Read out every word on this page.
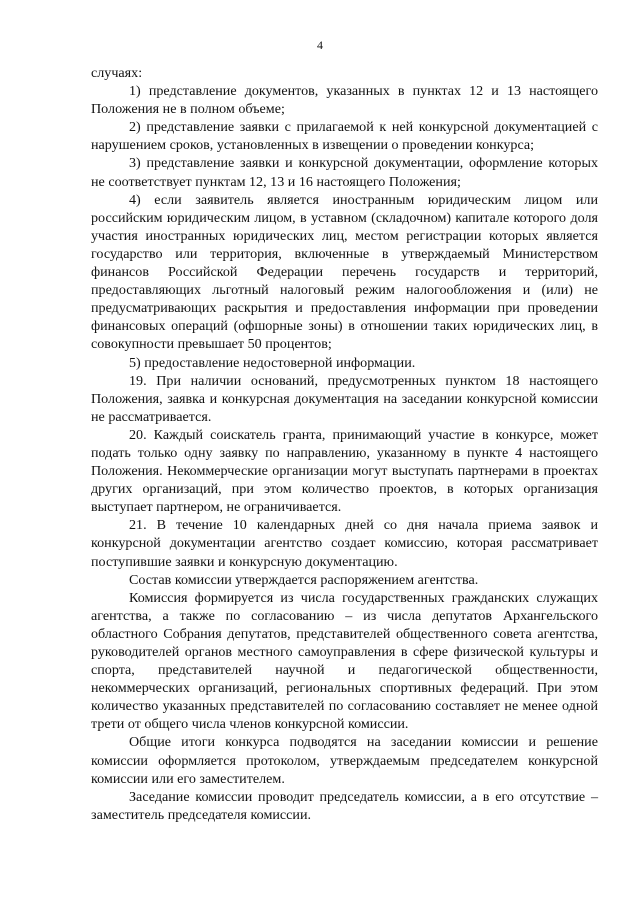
4

случаях:

1) представление документов, указанных в пунктах 12 и 13 настоящего Положения не в полном объеме;

2) представление заявки с прилагаемой к ней конкурсной документацией с нарушением сроков, установленных в извещении о проведении конкурса;

3) представление заявки и конкурсной документации, оформление которых не соответствует пунктам 12, 13 и 16 настоящего Положения;

4) если заявитель является иностранным юридическим лицом или российским юридическим лицом, в уставном (складочном) капитале которого доля участия иностранных юридических лиц, местом регистрации которых является государство или территория, включенные в утверждаемый Министерством финансов Российской Федерации перечень государств и территорий, предоставляющих льготный налоговый режим налогообложения и (или) не предусматривающих раскрытия и предоставления информации при проведении финансовых операций (офшорные зоны) в отношении таких юридических лиц, в совокупности превышает 50 процентов;

5) предоставление недостоверной информации.

19. При наличии оснований, предусмотренных пунктом 18 настоящего Положения, заявка и конкурсная документация на заседании конкурсной комиссии не рассматривается.

20. Каждый соискатель гранта, принимающий участие в конкурсе, может подать только одну заявку по направлению, указанному в пункте 4 настоящего Положения. Некоммерческие организации могут выступать партнерами в проектах других организаций, при этом количество проектов, в которых организация выступает партнером, не ограничивается.

21. В течение 10 календарных дней со дня начала приема заявок и конкурсной документации агентство создает комиссию, которая рассматривает поступившие заявки и конкурсную документацию.

Состав комиссии утверждается распоряжением агентства.

Комиссия формируется из числа государственных гражданских служащих агентства, а также по согласованию – из числа депутатов Архангельского областного Собрания депутатов, представителей общественного совета агентства, руководителей органов местного самоуправления в сфере физической культуры и спорта, представителей научной и педагогической общественности, некоммерческих организаций, региональных спортивных федераций. При этом количество указанных представителей по согласованию составляет не менее одной трети от общего числа членов конкурсной комиссии.

Общие итоги конкурса подводятся на заседании комиссии и решение комиссии оформляется протоколом, утверждаемым председателем конкурсной комиссии или его заместителем.

Заседание комиссии проводит председатель комиссии, а в его отсутствие – заместитель председателя комиссии.
